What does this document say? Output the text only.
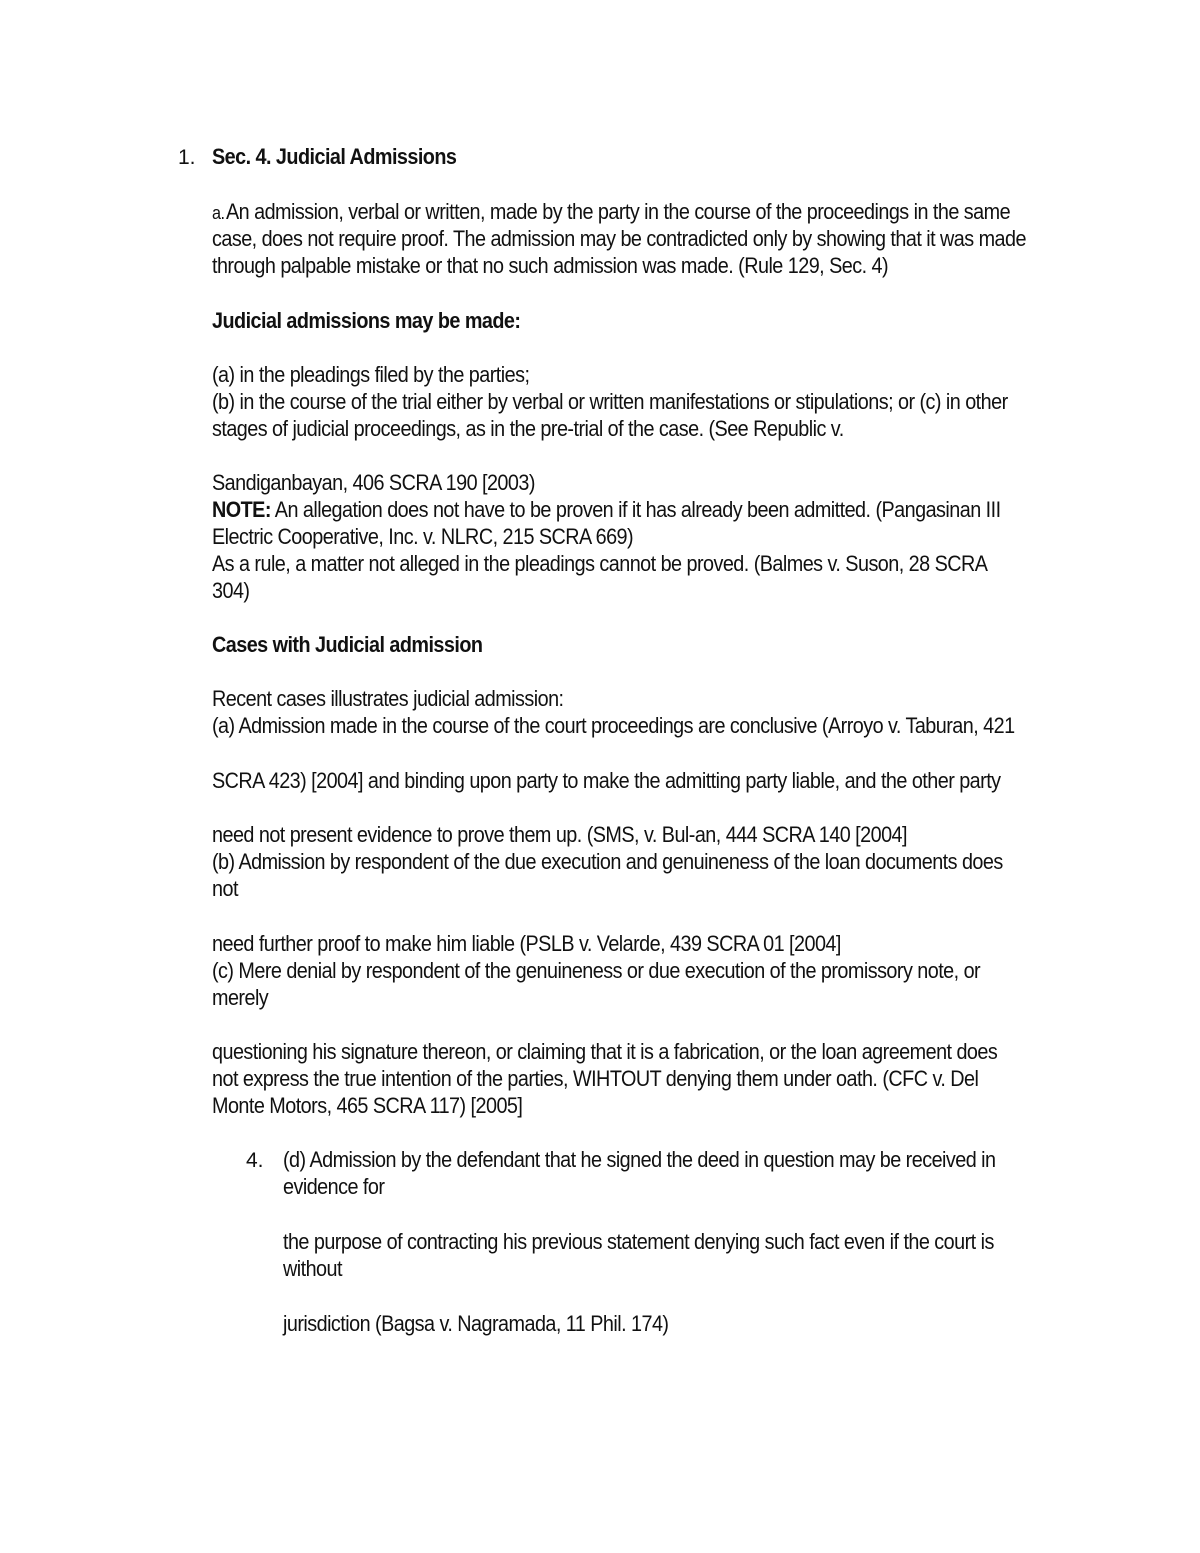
1. Sec. 4. Judicial Admissions

a. An admission, verbal or written, made by the party in the course of the proceedings in the same

case, does not require proof. The admission may be contradicted only by showing that it was made

through palpable mistake or that no such admission was made. (Rule 129, Sec. 4)

Judicial admissions may be made:

(a) in the pleadings filed by the parties;

(b) in the course of the trial either by verbal or written manifestations or stipulations; or (c) in other

stages of judicial proceedings, as in the pre-trial of the case. (See Republic v.

Sandiganbayan, 406 SCRA 190 [2003)

NOTE: An allegation does not have to be proven if it has already been admitted. (Pangasinan III

Electric Cooperative, Inc. v. NLRC, 215 SCRA 669)

As a rule, a matter not alleged in the pleadings cannot be proved. (Balmes v. Suson, 28 SCRA

304)

Cases with Judicial admission

Recent cases illustrates judicial admission:

(a) Admission made in the course of the court proceedings are conclusive (Arroyo v. Taburan, 421

SCRA 423) [2004] and binding upon party to make the admitting party liable, and the other party

need not present evidence to prove them up. (SMS, v. Bul-an, 444 SCRA 140 [2004]

(b) Admission by respondent of the due execution and genuineness of the loan documents does

not

need further proof to make him liable (PSLB v. Velarde, 439 SCRA 01 [2004]

(c) Mere denial by respondent of the genuineness or due execution of the promissory note, or

merely

questioning his signature thereon, or claiming that it is a fabrication, or the loan agreement does

not express the true intention of the parties, WIHTOUT denying them under oath. (CFC v. Del

Monte Motors, 465 SCRA 117) [2005]

4. (d) Admission by the defendant that he signed the deed in question may be received in

evidence for

the purpose of contracting his previous statement denying such fact even if the court is

without

jurisdiction (Bagsa v. Nagramada, 11 Phil. 174)
